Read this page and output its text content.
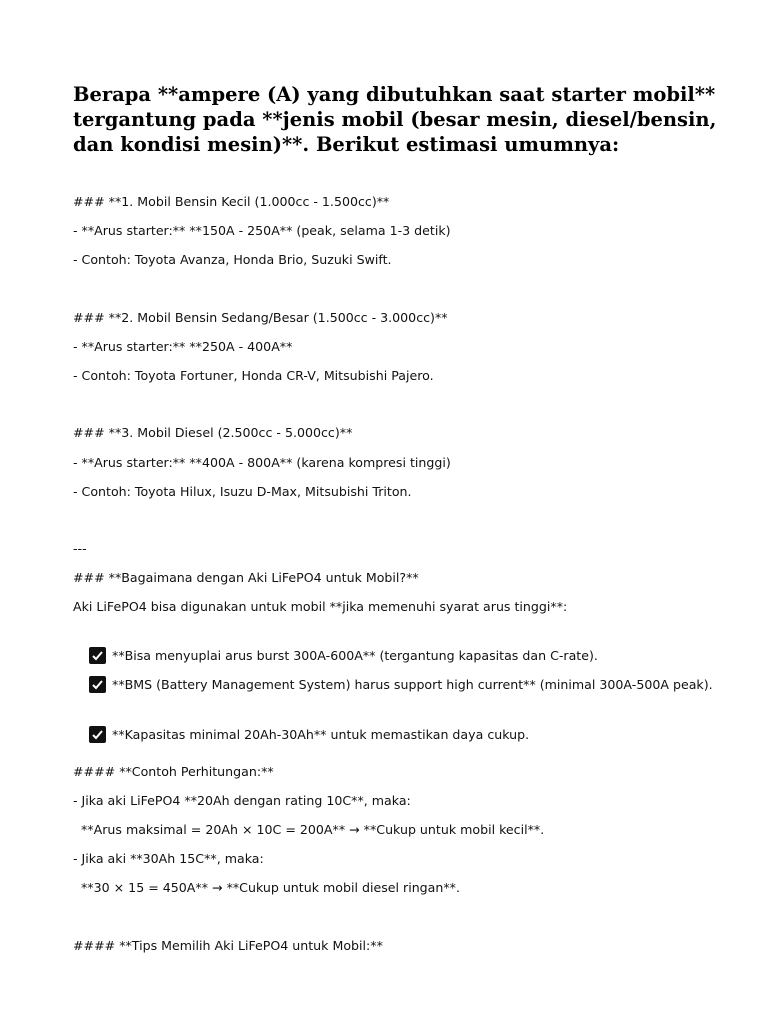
Berapa **ampere (A) yang dibutuhkan saat starter mobil** tergantung pada **jenis mobil (besar mesin, diesel/bensin, dan kondisi mesin)**. Berikut estimasi umumnya:
### **1. Mobil Bensin Kecil (1.000cc - 1.500cc)**
- **Arus starter:** **150A - 250A** (peak, selama 1-3 detik)
- Contoh: Toyota Avanza, Honda Brio, Suzuki Swift.
### **2. Mobil Bensin Sedang/Besar (1.500cc - 3.000cc)**
- **Arus starter:** **250A - 400A**
- Contoh: Toyota Fortuner, Honda CR-V, Mitsubishi Pajero.
### **3. Mobil Diesel (2.500cc - 5.000cc)**
- **Arus starter:** **400A - 800A** (karena kompresi tinggi)
- Contoh: Toyota Hilux, Isuzu D-Max, Mitsubishi Triton.
---
### **Bagaimana dengan Aki LiFePO4 untuk Mobil?**
Aki LiFePO4 bisa digunakan untuk mobil **jika memenuhi syarat arus tinggi**:

**Bisa menyuplai arus burst 300A-600A** (tergantung kapasitas dan C-rate).

**BMS (Battery Management System) harus support high current** (minimal 300A-500A peak).

**Kapasitas minimal 20Ah-30Ah** untuk memastikan daya cukup.

#### **Contoh Perhitungan:**
- Jika aki LiFePO4 **20Ah dengan rating 10C**, maka:
**Arus maksimal = 20Ah × 10C = 200A** → **Cukup untuk mobil kecil**.
- Jika aki **30Ah 15C**, maka:
**30 × 15 = 450A** → **Cukup untuk mobil diesel ringan**.
#### **Tips Memilih Aki LiFePO4 untuk Mobil:**
